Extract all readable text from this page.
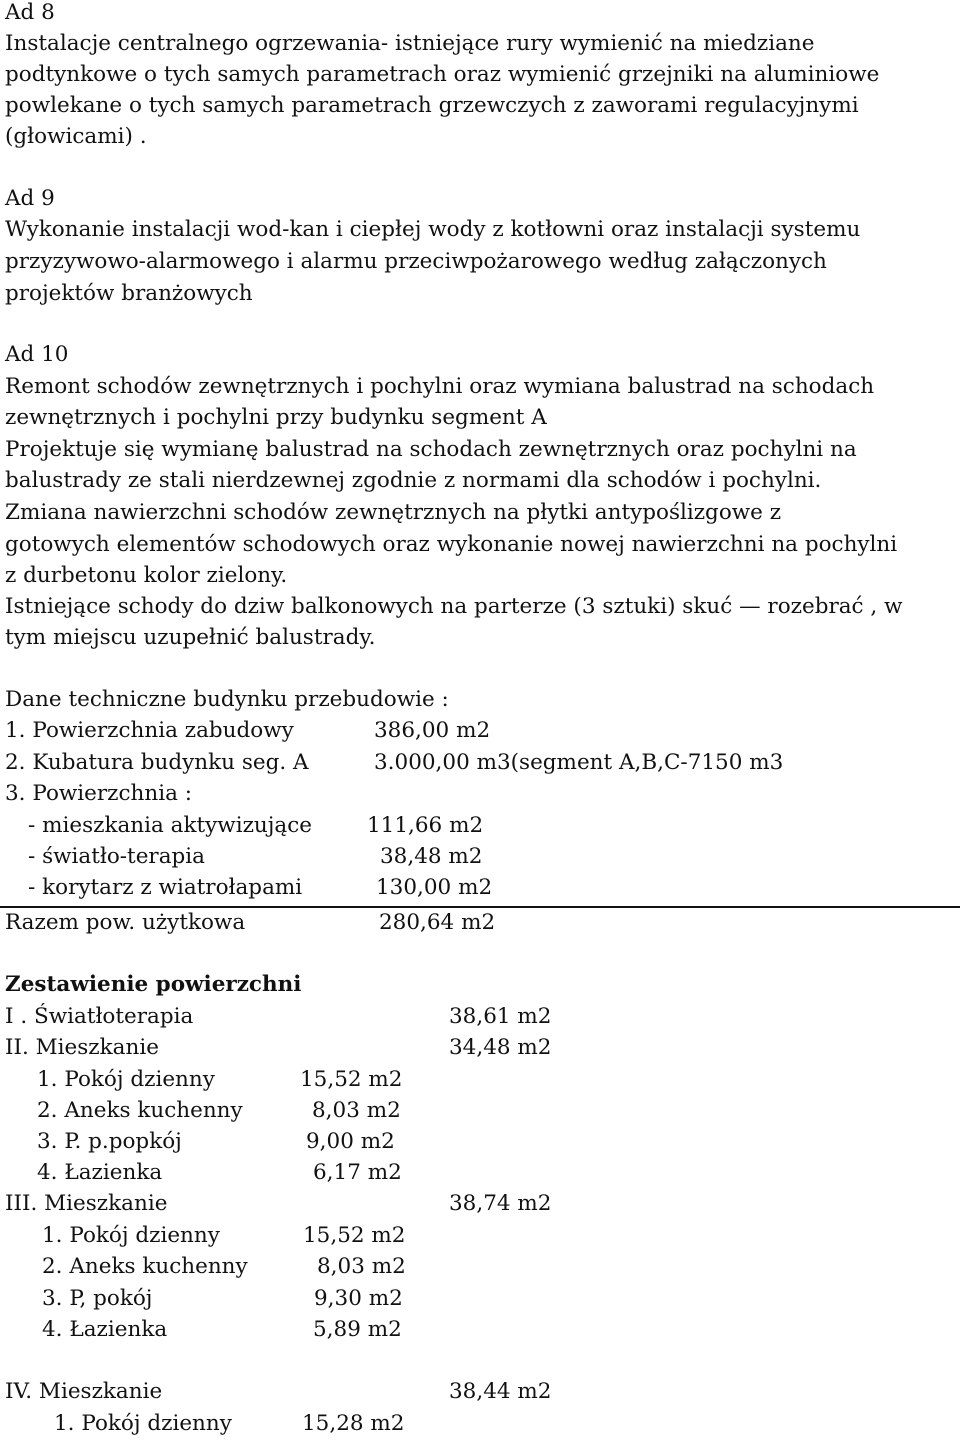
Ad 8
Instalacje centralnego ogrzewania- istniejące rury wymienić na miedziane
podtynkowe o tych samych parametrach oraz wymienić grzejniki na aluminiowe
powlekane o tych samych parametrach grzewczych z zaworami regulacyjnymi
(głowicami) .
Ad 9
Wykonanie instalacji wod-kan i ciepłej wody z kotłowni oraz instalacji systemu
przyzywowo-alarmowego i alarmu przeciwpożarowego według załączonych
projektów branżowych
Ad 10
Remont schodów zewnętrznych i pochylni oraz wymiana balustrad na schodach
zewnętrznych i pochylni przy budynku segment A
Projektuje się wymianę balustrad na schodach zewnętrznych oraz pochylni na
balustrady ze stali nierdzewnej zgodnie z normami dla schodów i pochylni.
Zmiana nawierzchni schodów zewnętrznych na płytki antypoślizgowe z
gotowych elementów schodowych oraz wykonanie nowej nawierzchni na pochylni
z durbetonu kolor zielony.
Istniejące schody do dziw balkonowych na parterze (3 sztuki) skuć — rozebrać , w
tym miejscu uzupełnić balustrady.
Dane techniczne budynku przebudowie :
1. Powierzchnia zabudowy	386,00 m2
2. Kubatura budynku seg. A	3.000,00 m3(segment A,B,C-7150 m3
3. Powierzchnia :
- mieszkania aktywizujące	111,66 m2
- światło-terapia	38,48 m2
- korytarz z wiatrołapami	130,00 m2
Razem pow. użytkowa	280,64 m2
Zestawienie powierzchni
I . Światłoterapia	38,61 m2
II. Mieszkanie	34,48 m2
1. Pokój dzienny	15,52 m2
2. Aneks kuchenny	8,03 m2
3. P. p.popkój	9,00 m2
4. Łazienka	6,17 m2
III. Mieszkanie	38,74 m2
1. Pokój dzienny	15,52 m2
2. Aneks kuchenny	8,03 m2
3. P, pokój	9,30 m2
4. Łazienka	5,89 m2
IV. Mieszkanie	38,44 m2
1. Pokój dzienny	15,28 m2
